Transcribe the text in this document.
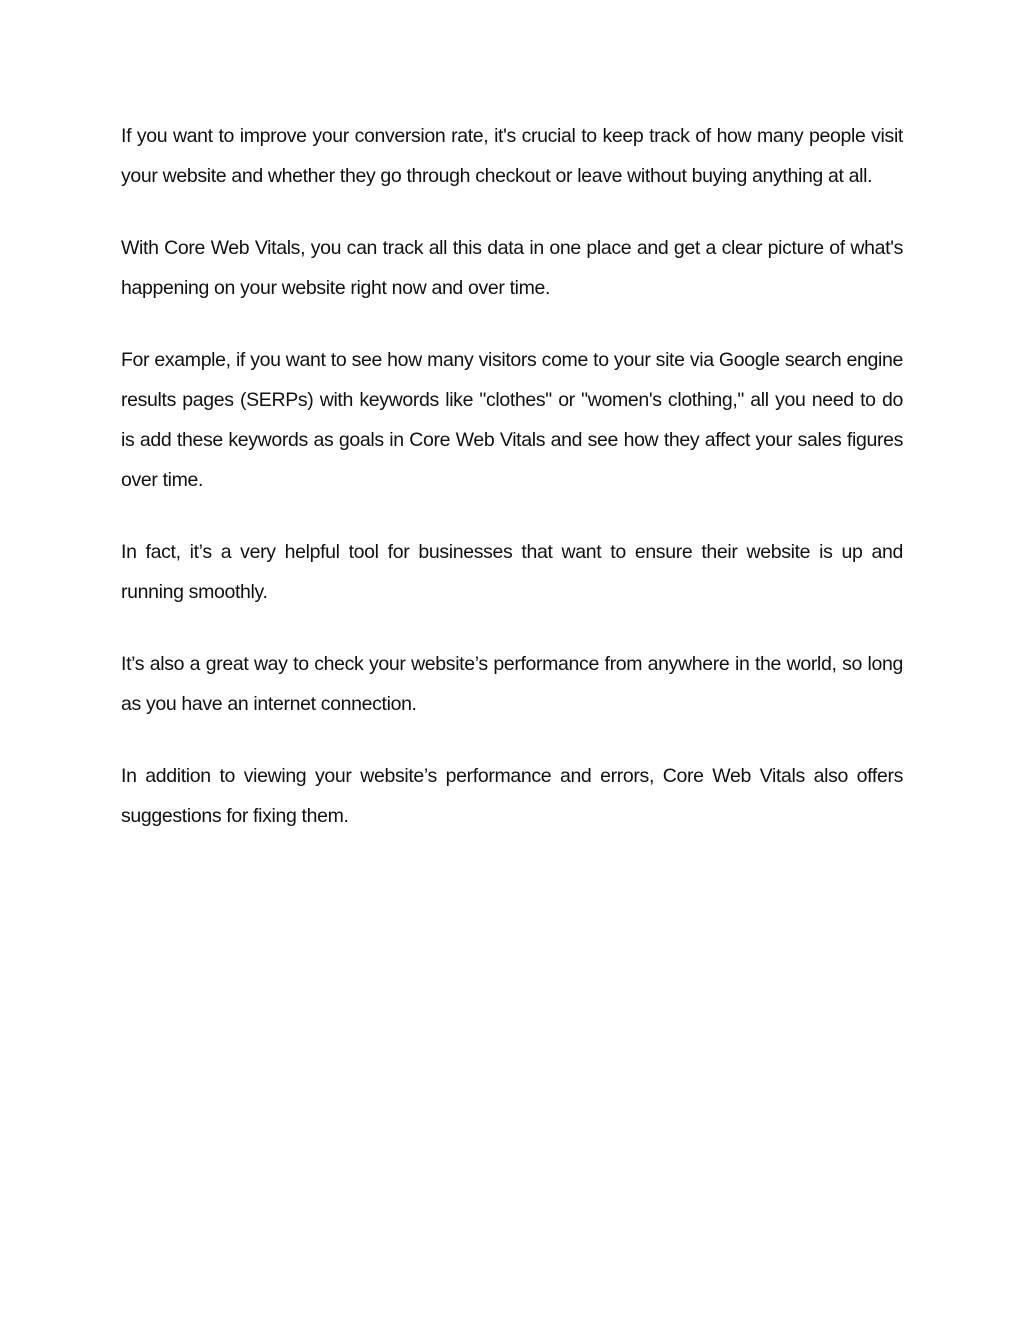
If you want to improve your conversion rate, it's crucial to keep track of how many people visit your website and whether they go through checkout or leave without buying anything at all.

With Core Web Vitals, you can track all this data in one place and get a clear picture of what's happening on your website right now and over time.

For example, if you want to see how many visitors come to your site via Google search engine results pages (SERPs) with keywords like "clothes" or "women's clothing," all you need to do is add these keywords as goals in Core Web Vitals and see how they affect your sales figures over time.

In fact, it’s a very helpful tool for businesses that want to ensure their website is up and running smoothly.

It’s also a great way to check your website’s performance from anywhere in the world, so long as you have an internet connection.

In addition to viewing your website’s performance and errors, Core Web Vitals also offers suggestions for fixing them.
